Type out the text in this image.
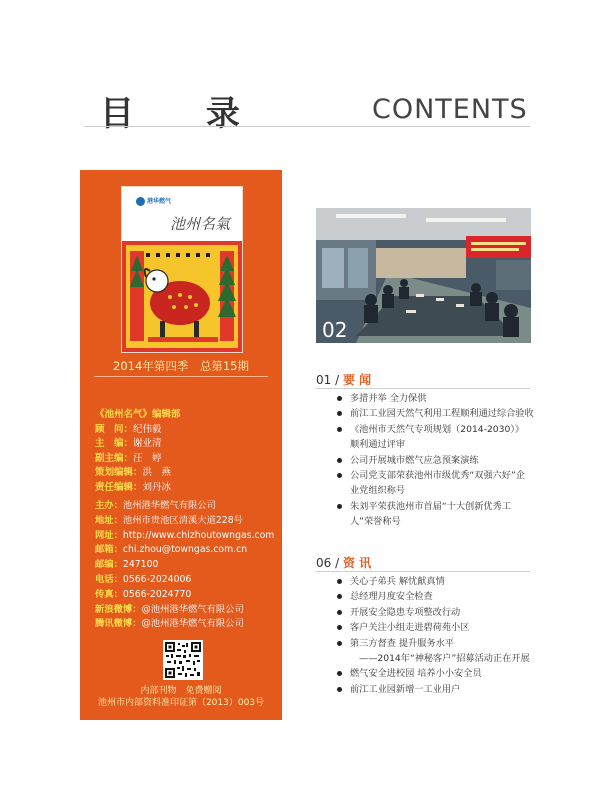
目 录	CONTENTS
港华燃气
池州名氣
2014年第四季　总第15期
《池州名气》编辑部
顾　问：纪伟毅
主　编：谢业清
副主编：汪　婷
策划编辑：洪　燕
责任编辑：刘丹冰
主办：池州港华燃气有限公司
地址：池州市贵池区清溪大道228号
网址：http://www.chizhoutowngas.com
邮箱：chi.zhou@towngas.com.cn
邮编：247100
电话：0566-2024006
传真：0566-2024770
新浪微博：@池州港华燃气有限公司
腾讯微博：@池州港华燃气有限公司
内部刊物　免费赠阅
池州市内部资料准印证第（2013）003号
02
01 / 要 闻
多措并举 全力保供
前江工业园天然气利用工程顺利通过综合验收
《池州市天然气专项规划（2014-2030）》
顺利通过评审
公司开展城市燃气应急预案演练
公司党支部荣获池州市级优秀“双强六好”企
业党组织称号
朱刘平荣获池州市首届“十大创新优秀工
人”荣誉称号
06 / 资 讯
关心子弟兵 解忧献真情
总经理月度安全检查
开展安全隐患专项整改行动
客户关注小组走进碧荷苑小区
第三方督查 提升服务水平
——2014年“神秘客户”招募活动正在开展
燃气安全进校园 培养小小安全员
前江工业园新增一工业用户
